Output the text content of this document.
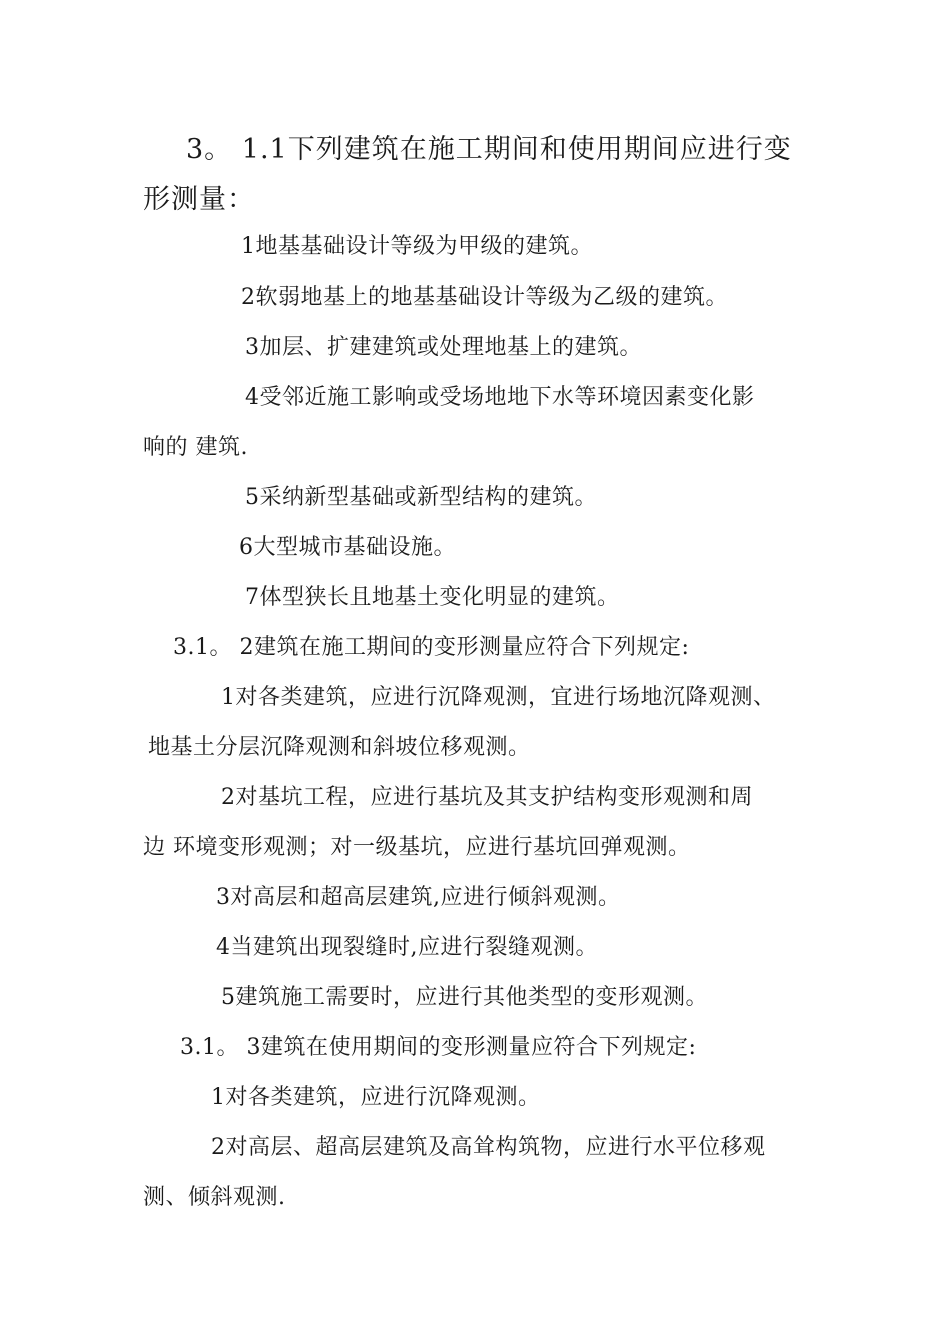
3。 1.1下列建筑在施工期间和使用期间应进行变
形测量：
1地基基础设计等级为甲级的建筑。
2软弱地基上的地基基础设计等级为乙级的建筑。
3加层、扩建建筑或处理地基上的建筑。
4受邻近施工影响或受场地地下水等环境因素变化影
响的 建筑.
5采纳新型基础或新型结构的建筑。
6大型城市基础设施。
7体型狭长且地基土变化明显的建筑。
3.1。 2建筑在施工期间的变形测量应符合下列规定:
1对各类建筑，应进行沉降观测，宜进行场地沉降观测、
地基土分层沉降观测和斜坡位移观测。
2对基坑工程，应进行基坑及其支护结构变形观测和周
边 环境变形观测；对一级基坑，应进行基坑回弹观测。
3对高层和超高层建筑,应进行倾斜观测。
4当建筑出现裂缝时,应进行裂缝观测。
5建筑施工需要时，应进行其他类型的变形观测。
3.1。 3建筑在使用期间的变形测量应符合下列规定:
1对各类建筑，应进行沉降观测。
2对高层、超高层建筑及高耸构筑物，应进行水平位移观
测、倾斜观测.
